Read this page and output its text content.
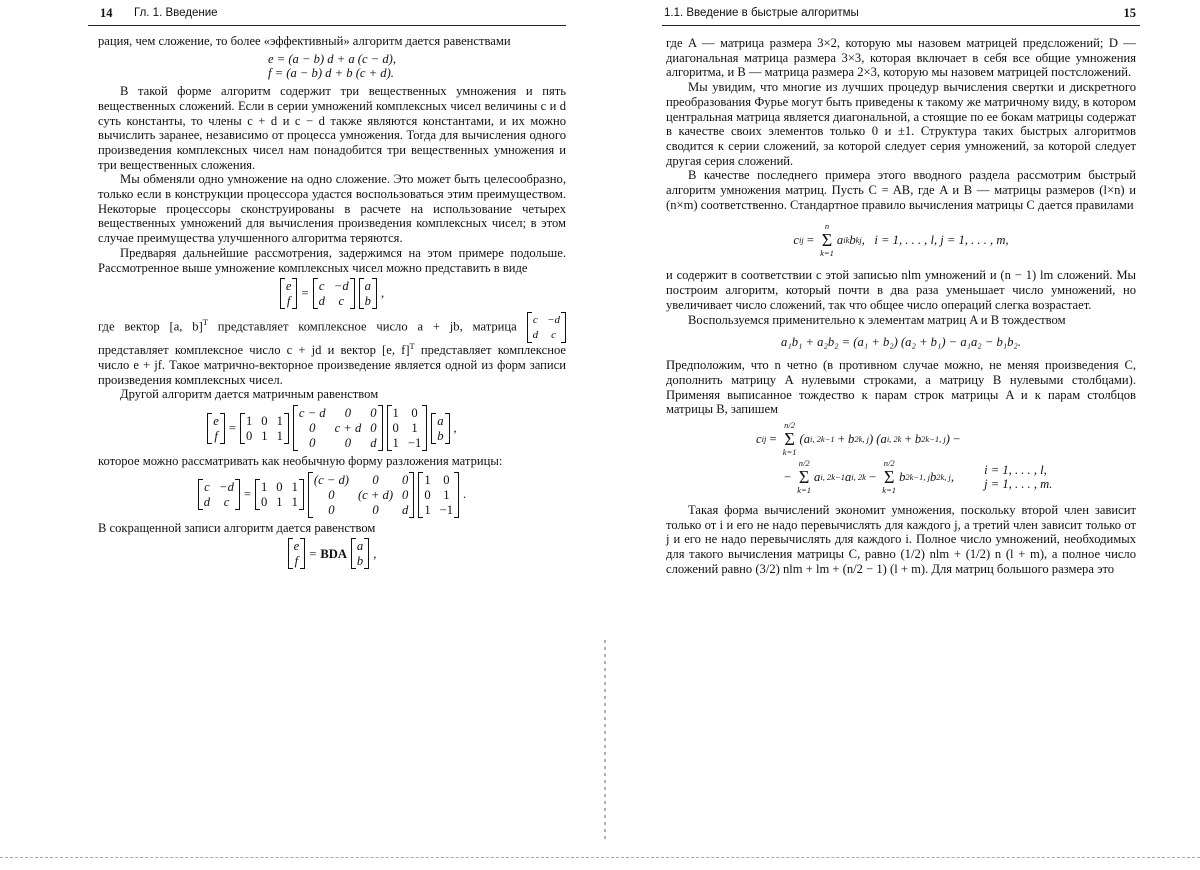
14 Гл. 1. Введение

рация, чем сложение, то более «эффективный» алгоритм дается равенствами

e = (a − b) d + a (c − d),
f = (a − b) d + b (c + d).

В такой форме алгоритм содержит три вещественных умножения и пять вещественных сложений. Если в серии умножений комплексных чисел величины c и d суть константы, то члены c + d и c − d также являются константами, и их можно вычислить заранее, независимо от процесса умножения. Тогда для вычисления одного произведения комплексных чисел нам понадобится три вещественных умножения и три вещественных сложения.

Мы обменяли одно умножение на одно сложение. Это может быть целесообразно, только если в конструкции процессора удастся воспользоваться этим преимуществом. Некоторые процессоры сконструированы в расчете на использование четырех вещественных умножений для вычисления произведения комплексных чисел; в этом случае преимущества улучшенного алгоритма теряются.

Предваряя дальнейшие рассмотрения, задержимся на этом примере подольше. Рассмотренное выше умножение комплексных чисел можно представить в виде

e
f
=
c −d
d	c
a
b
,

где вектор [a, b]$^T$ представляет комплексное число a + jb, матрица c −d
d	c
представляет комплексное число c + jd и вектор [e, f]$^T$ представляет комплексное число e + jf. Такое матрично-векторное произведение является одной из форм записи произведения комплексных чисел.

Другой алгоритм дается матричным равенством

e
f
=
1 0 1
0 1 1
c − d	0	0
0	c + d 0
0	0	d
1 0
0 1
1 −1
a
b
,

которое можно рассматривать как необычную форму разложения матрицы:

c −d
d	c
=
1 0 1
0 1 1
(c − d)	0	0
0	(c + d) 0
0	0	d
1 0
0 1
1 −1
.

В сокращенной записи алгоритм дается равенством

e
f
= BDA
a
b
,
1.1. Введение в быстрые алгоритмы	15

где A — матрица размера 3×2, которую мы назовем матрицей предсложений; D — диагональная матрица размера 3×3, которая включает в себя все общие умножения алгоритма, и B — матрица размера 2×3, которую мы назовем матрицей постсложений.

Мы увидим, что многие из лучших процедур вычисления свертки и дискретного преобразования Фурье могут быть приведены к такому же матричному виду, в котором центральная матрица является диагональной, а стоящие по ее бокам матрицы содержат в качестве своих элементов только 0 и ±1. Структура таких быстрых алгоритмов сводится к серии сложений, за которой следует серия умножений, за которой следует другая серия сложений.

В качестве последнего примера этого вводного раздела рассмотрим быстрый алгоритм умножения матриц. Пусть C = AB, где A и B — матрицы размеров (l×n) и (n×m) соответственно. Стандартное правило вычисления матрицы C дается правилами

c ij =
n
Σ
k=1
a ik b kj , i = 1, . . . , l, j = 1, . . . , m,

и содержит в соответствии с этой записью nlm умножений и (n − 1) lm сложений. Мы построим алгоритм, который почти в два раза уменьшает число умножений, но увеличивает число сложений, так что общее число операций слегка возрастает.

Воспользуемся применительно к элементам матриц A и B тождеством

a₁b₁ + a₂b₂ = (a₁ + b₂) (a₂ + b₁) − a₁a₂ − b₁b₂.

Предположим, что n четно (в противном случае можно, не меняя произведения C, дополнить матрицу A нулевыми строками, а матрицу B нулевыми столбцами). Применяя выписанное тождество к парам строк матрицы A и к парам столбцов матрицы B, запишем

c ij =
n/2
Σ
k=1
(a i, 2k−1 + b 2k, j ) (a i, 2k + b 2k−1, j ) −
−
n/2
Σ
k=1
a i, 2k−1 a i, 2k −
n/2
Σ
k=1
b 2k−1, j b 2k, j , i = 1, . . . , l,
j = 1, . . . , m.

Такая форма вычислений экономит умножения, поскольку второй член зависит только от i и его не надо перевычислять для каждого j, а третий член зависит только от j и его не надо перевычислять для каждого i. Полное число умножений, необходимых для такого вычисления матрицы C, равно (1/2) nlm + (1/2) n (l + m), а полное число сложений равно (3/2) nlm + lm + (n/2 − 1) (l + m). Для матриц большого размера это
